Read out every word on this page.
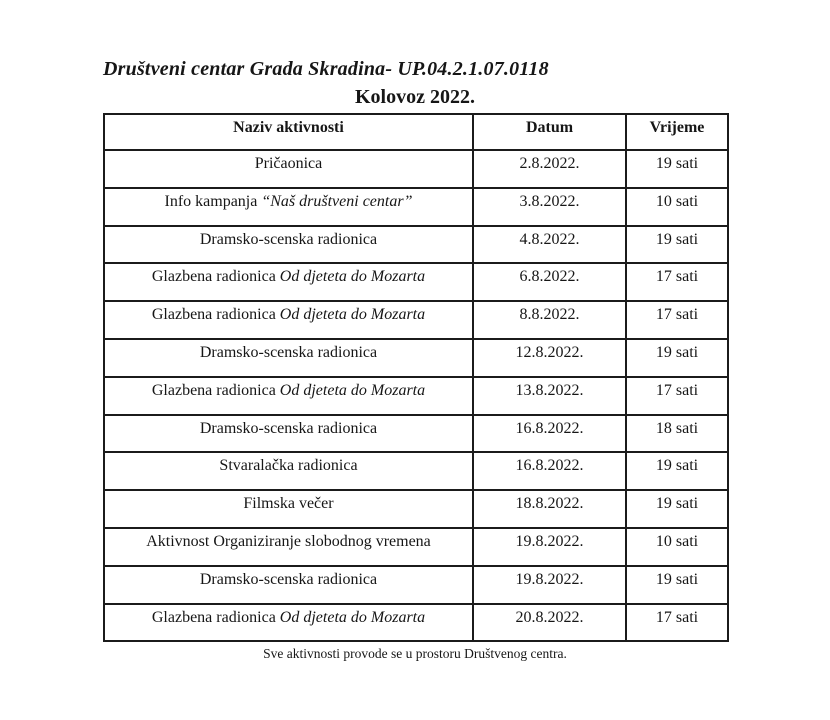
Društveni centar Grada Skradina- UP.04.2.1.07.0118
Kolovoz 2022.
Naziv aktivnosti	Datum	Vrijeme
Pričaonica	2.8.2022.	19 sati
Info kampanja “Naš društveni centar”	3.8.2022.	10 sati
Dramsko-scenska radionica	4.8.2022.	19 sati
Glazbena radionica Od djeteta do Mozarta	6.8.2022.	17 sati
Glazbena radionica Od djeteta do Mozarta	8.8.2022.	17 sati
Dramsko-scenska radionica	12.8.2022.	19 sati
Glazbena radionica Od djeteta do Mozarta	13.8.2022.	17 sati
Dramsko-scenska radionica	16.8.2022.	18 sati
Stvaralačka radionica	16.8.2022.	19 sati
Filmska večer	18.8.2022.	19 sati
Aktivnost Organiziranje slobodnog vremena	19.8.2022.	10 sati
Dramsko-scenska radionica	19.8.2022.	19 sati
Glazbena radionica Od djeteta do Mozarta	20.8.2022.	17 sati
Sve aktivnosti provode se u prostoru Društvenog centra.
